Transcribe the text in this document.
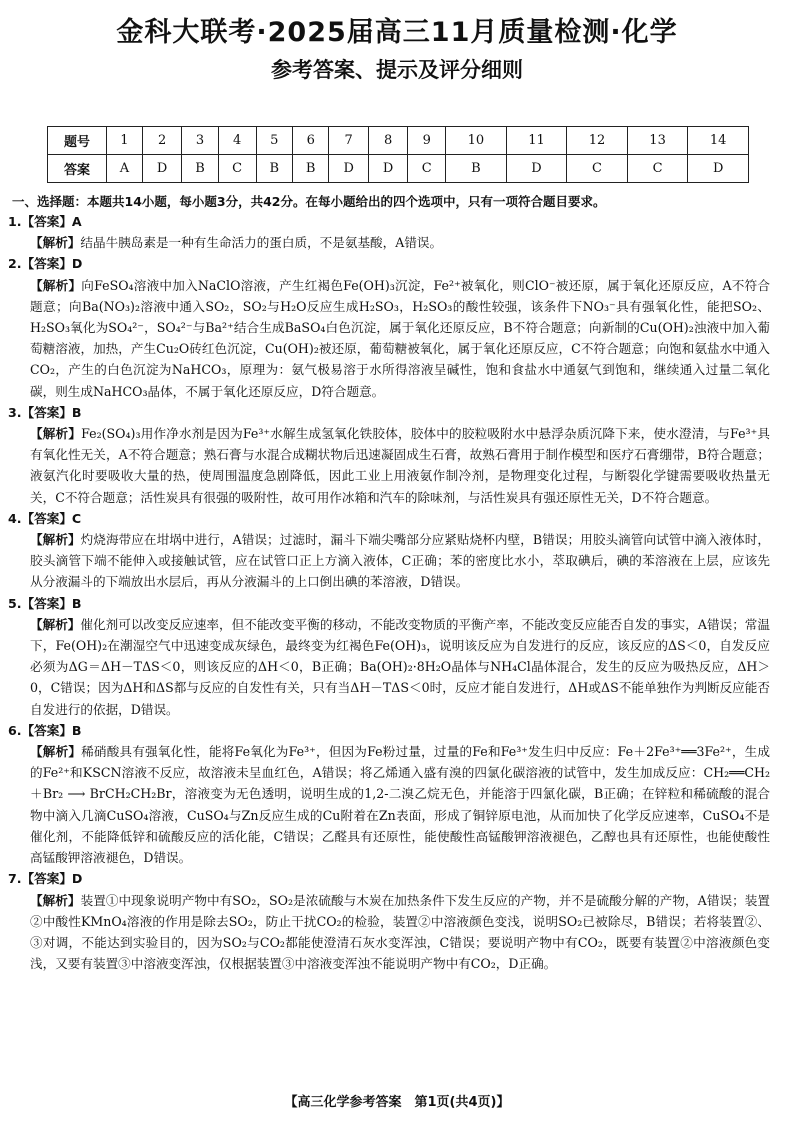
金科大联考·2025届高三11月质量检测·化学
参考答案、提示及评分细则
题号	1	2	3	4	5	6	7	8	9	10	11	12	13	14
答案	A	D	B	C	B	B	D	D	C	B	D	C	C	D
一、选择题：本题共14小题，每小题3分，共42分。在每小题给出的四个选项中，只有一项符合题目要求。
1.【答案】A
【解析】结晶牛胰岛素是一种有生命活力的蛋白质，不是氨基酸，A错误。
2.【答案】D
【解析】向FeSO₄溶液中加入NaClO溶液，产生红褐色Fe(OH)₃沉淀，Fe²⁺被氧化，则ClO⁻被还原，属于氧化还原反应，A不符合题意；向Ba(NO₃)₂溶液中通入SO₂，SO₂与H₂O反应生成H₂SO₃，H₂SO₃的酸性较强，该条件下NO₃⁻具有强氧化性，能把SO₂、H₂SO₃氧化为SO₄²⁻，SO₄²⁻与Ba²⁺结合生成BaSO₄白色沉淀，属于氧化还原反应，B不符合题意；向新制的Cu(OH)₂浊液中加入葡萄糖溶液，加热，产生Cu₂O砖红色沉淀，Cu(OH)₂被还原，葡萄糖被氧化，属于氧化还原反应，C不符合题意；向饱和氨盐水中通入CO₂，产生的白色沉淀为NaHCO₃，原理为：氨气极易溶于水所得溶液呈碱性，饱和食盐水中通氨气到饱和，继续通入过量二氧化碳，则生成NaHCO₃晶体，不属于氧化还原反应，D符合题意。
3.【答案】B
【解析】Fe₂(SO₄)₃用作净水剂是因为Fe³⁺水解生成氢氧化铁胶体，胶体中的胶粒吸附水中悬浮杂质沉降下来，使水澄清，与Fe³⁺具有氧化性无关，A不符合题意；熟石膏与水混合成糊状物后迅速凝固成生石膏，故熟石膏用于制作模型和医疗石膏绷带，B符合题意；液氨汽化时要吸收大量的热，使周围温度急剧降低，因此工业上用液氨作制冷剂，是物理变化过程，与断裂化学键需要吸收热量无关，C不符合题意；活性炭具有很强的吸附性，故可用作冰箱和汽车的除味剂，与活性炭具有强还原性无关，D不符合题意。
4.【答案】C
【解析】灼烧海带应在坩埚中进行，A错误；过滤时，漏斗下端尖嘴部分应紧贴烧杯内壁，B错误；用胶头滴管向试管中滴入液体时，胶头滴管下端不能伸入或接触试管，应在试管口正上方滴入液体，C正确；苯的密度比水小，萃取碘后，碘的苯溶液在上层，应该先从分液漏斗的下端放出水层后，再从分液漏斗的上口倒出碘的苯溶液，D错误。
5.【答案】B
【解析】催化剂可以改变反应速率，但不能改变平衡的移动，不能改变物质的平衡产率，不能改变反应能否自发的事实，A错误；常温下，Fe(OH)₂在潮湿空气中迅速变成灰绿色，最终变为红褐色Fe(OH)₃，说明该反应为自发进行的反应，该反应的ΔS＜0，自发反应必须为ΔG＝ΔH－TΔS＜0，则该反应的ΔH＜0，B正确；Ba(OH)₂·8H₂O晶体与NH₄Cl晶体混合，发生的反应为吸热反应，ΔH＞0，C错误；因为ΔH和ΔS都与反应的自发性有关，只有当ΔH－TΔS＜0时，反应才能自发进行，ΔH或ΔS不能单独作为判断反应能否自发进行的依据，D错误。
6.【答案】B
【解析】稀硝酸具有强氧化性，能将Fe氧化为Fe³⁺，但因为Fe粉过量，过量的Fe和Fe³⁺发生归中反应：Fe＋2Fe³⁺══3Fe²⁺，生成的Fe²⁺和KSCN溶液不反应，故溶液未呈血红色，A错误；将乙烯通入盛有溴的四氯化碳溶液的试管中，发生加成反应：CH₂══CH₂＋Br₂ ⟶ BrCH₂CH₂Br，溶液变为无色透明，说明生成的1,2-二溴乙烷无色，并能溶于四氯化碳，B正确；在锌粒和稀硫酸的混合物中滴入几滴CuSO₄溶液，CuSO₄与Zn反应生成的Cu附着在Zn表面，形成了铜锌原电池，从而加快了化学反应速率，CuSO₄不是催化剂，不能降低锌和硫酸反应的活化能，C错误；乙醛具有还原性，能使酸性高锰酸钾溶液褪色，乙醇也具有还原性，也能使酸性高锰酸钾溶液褪色，D错误。
7.【答案】D
【解析】装置①中现象说明产物中有SO₂，SO₂是浓硫酸与木炭在加热条件下发生反应的产物，并不是硫酸分解的产物，A错误；装置②中酸性KMnO₄溶液的作用是除去SO₂，防止干扰CO₂的检验，装置②中溶液颜色变浅，说明SO₂已被除尽，B错误；若将装置②、③对调，不能达到实验目的，因为SO₂与CO₂都能使澄清石灰水变浑浊，C错误；要说明产物中有CO₂，既要有装置②中溶液颜色变浅，又要有装置③中溶液变浑浊，仅根据装置③中溶液变浑浊不能说明产物中有CO₂，D正确。
【高三化学参考答案　第1页(共4页)】
